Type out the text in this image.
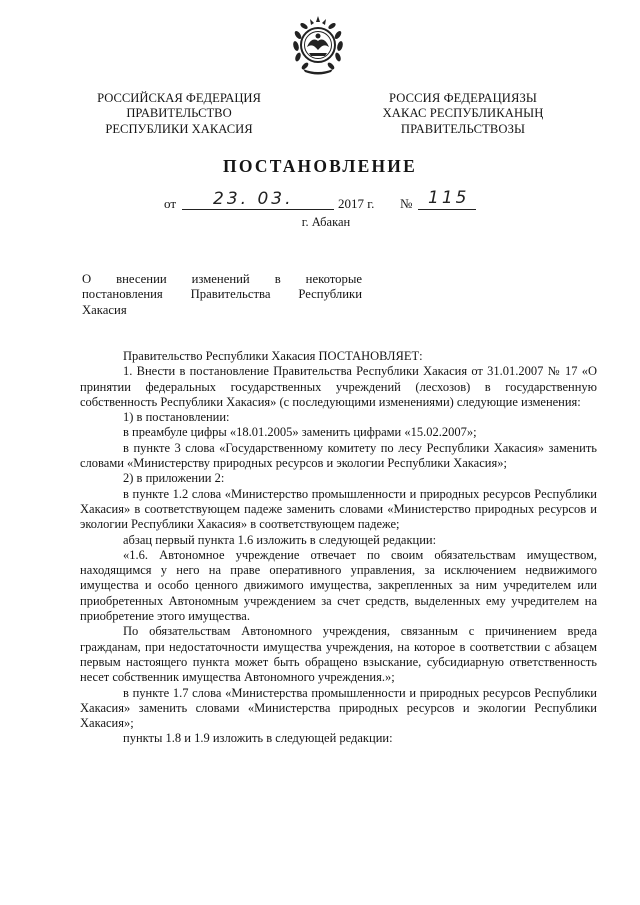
РОССИЙСКАЯ ФЕДЕРАЦИЯ
ПРАВИТЕЛЬСТВО
РЕСПУБЛИКИ ХАКАСИЯ
РОССИЯ ФЕДЕРАЦИЯЗЫ
ХАКАС РЕСПУБЛИКАНЫҢ
ПРАВИТЕЛЬСТВОЗЫ
ПОСТАНОВЛЕНИЕ
от 23. 03.	2017 г. № 115
г. Абакан
О внесении изменений в некоторые
постановления Правительства Республики
Хакасия

Правительство Республики Хакасия ПОСТАНОВЛЯЕТ:

1. Внести в постановление Правительства Республики Хакасия от 31.01.2007 № 17 «О принятии федеральных государственных учреждений (лесхозов) в государственную собственность Республики Хакасия» (с последующими изменениями) следующие изменения:

1) в постановлении:

в преамбуле цифры «18.01.2005» заменить цифрами «15.02.2007»;

в пункте 3 слова «Государственному комитету по лесу Республики Хакасия» заменить словами «Министерству природных ресурсов и экологии Республики Хакасия»;

2) в приложении 2:

в пункте 1.2 слова «Министерство промышленности и природных ресурсов Республики Хакасия» в соответствующем падеже заменить словами «Министерство природных ресурсов и экологии Республики Хакасия» в соответствующем падеже;

абзац первый пункта 1.6 изложить в следующей редакции:

«1.6. Автономное учреждение отвечает по своим обязательствам имуществом, находящимся у него на праве оперативного управления, за исключением недвижимого имущества и особо ценного движимого имущества, закрепленных за ним учредителем или приобретенных Автономным учреждением за счет средств, выделенных ему учредителем на приобретение этого имущества.

По обязательствам Автономного учреждения, связанным с причинением вреда гражданам, при недостаточности имущества учреждения, на которое в соответствии с абзацем первым настоящего пункта может быть обращено взыскание, субсидиарную ответственность несет собственник имущества Автономного учреждения.»;

в пункте 1.7 слова «Министерства промышленности и природных ресурсов Республики Хакасия» заменить словами «Министерства природных ресурсов и экологии Республики Хакасия»;

пункты 1.8 и 1.9 изложить в следующей редакции:
